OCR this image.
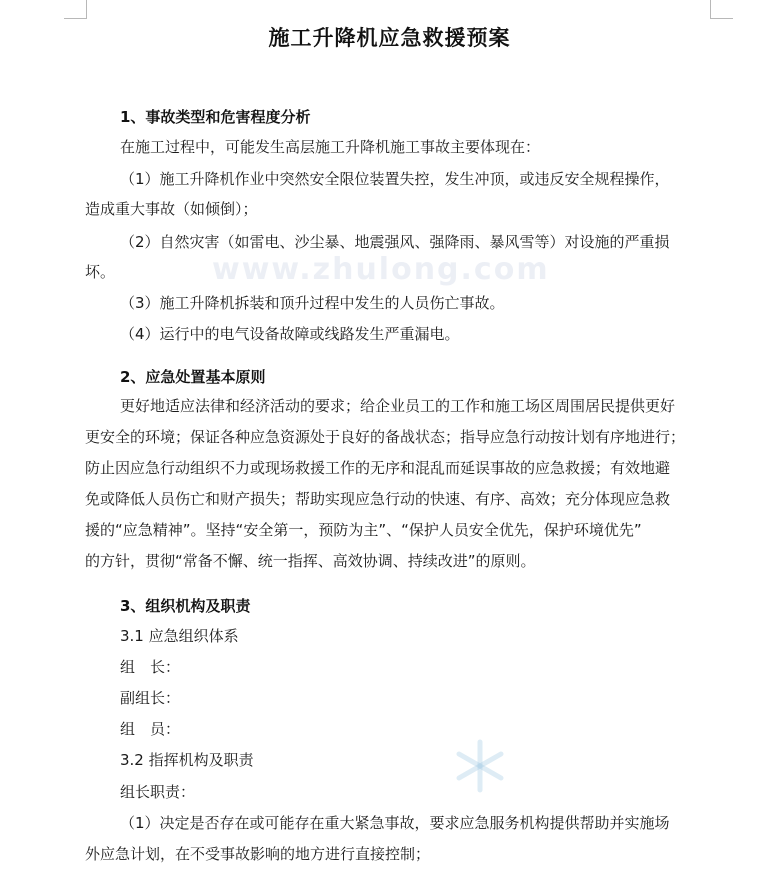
www.zhulong.com
施工升降机应急救援预案
1、事故类型和危害程度分析
在施工过程中，可能发生高层施工升降机施工事故主要体现在：
（1）施工升降机作业中突然安全限位装置失控，发生冲顶，或违反安全规程操作，
造成重大事故（如倾倒）；
（2）自然灾害（如雷电、沙尘暴、地震强风、强降雨、暴风雪等）对设施的严重损
坏。
（3）施工升降机拆装和顶升过程中发生的人员伤亡事故。
（4）运行中的电气设备故障或线路发生严重漏电。
2、应急处置基本原则
更好地适应法律和经济活动的要求；给企业员工的工作和施工场区周围居民提供更好
更安全的环境；保证各种应急资源处于良好的备战状态；指导应急行动按计划有序地进行；
防止因应急行动组织不力或现场救援工作的无序和混乱而延误事故的应急救援；有效地避
免或降低人员伤亡和财产损失；帮助实现应急行动的快速、有序、高效；充分体现应急救
援的“应急精神”。坚持“安全第一，预防为主”、“保护人员安全优先，保护环境优先”
的方针，贯彻“常备不懈、统一指挥、高效协调、持续改进”的原则。
3、组织机构及职责
3.1 应急组织体系
组　长：
副组长：
组　员：
3.2 指挥机构及职责
组长职责：
（1）决定是否存在或可能存在重大紧急事故，要求应急服务机构提供帮助并实施场
外应急计划，在不受事故影响的地方进行直接控制；
